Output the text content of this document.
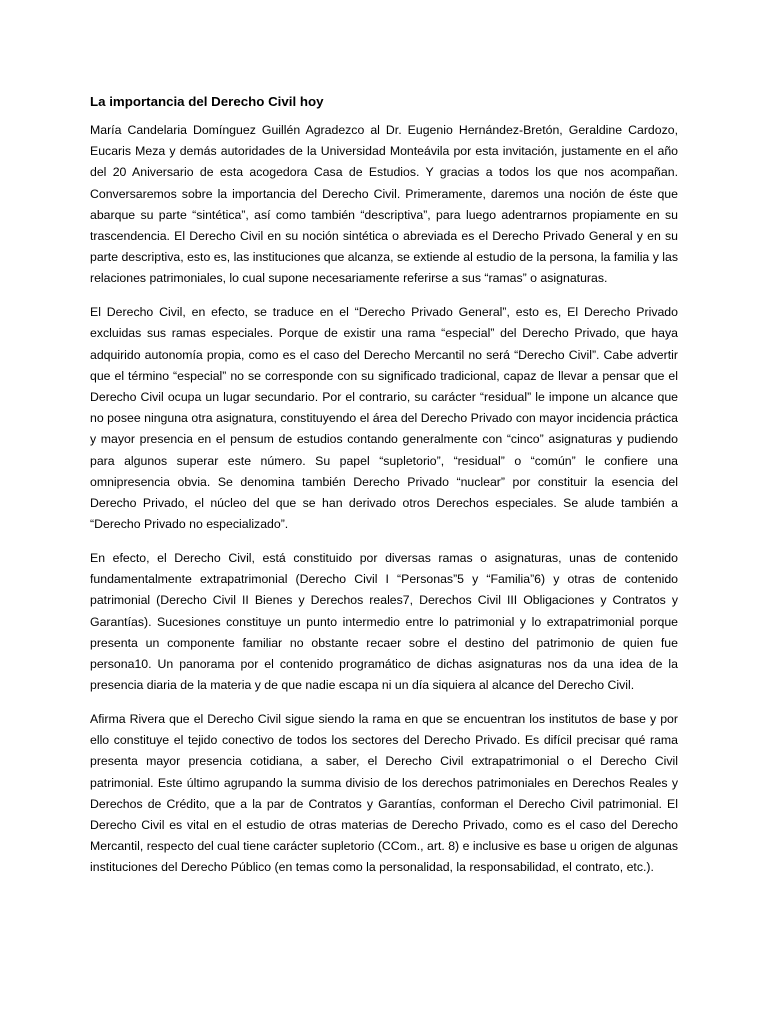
La importancia del Derecho Civil hoy

María Candelaria Domínguez Guillén Agradezco al Dr. Eugenio Hernández-Bretón, Geraldine Cardozo, Eucaris Meza y demás autoridades de la Universidad Monteávila por esta invitación, justamente en el año del 20 Aniversario de esta acogedora Casa de Estudios. Y gracias a todos los que nos acompañan. Conversaremos sobre la importancia del Derecho Civil. Primeramente, daremos una noción de éste que abarque su parte “sintética”, así como también “descriptiva”, para luego adentrarnos propiamente en su trascendencia. El Derecho Civil en su noción sintética o abreviada es el Derecho Privado General y en su parte descriptiva, esto es, las instituciones que alcanza, se extiende al estudio de la persona, la familia y las relaciones patrimoniales, lo cual supone necesariamente referirse a sus “ramas” o asignaturas.

El Derecho Civil, en efecto, se traduce en el “Derecho Privado General”, esto es, El Derecho Privado excluidas sus ramas especiales. Porque de existir una rama “especial” del Derecho Privado, que haya adquirido autonomía propia, como es el caso del Derecho Mercantil no será “Derecho Civil”. Cabe advertir que el término “especial” no se corresponde con su significado tradicional, capaz de llevar a pensar que el Derecho Civil ocupa un lugar secundario. Por el contrario, su carácter “residual” le impone un alcance que no posee ninguna otra asignatura, constituyendo el área del Derecho Privado con mayor incidencia práctica y mayor presencia en el pensum de estudios contando generalmente con “cinco” asignaturas y pudiendo para algunos superar este número. Su papel “supletorio”, “residual” o “común” le confiere una omnipresencia obvia. Se denomina también Derecho Privado “nuclear” por constituir la esencia del Derecho Privado, el núcleo del que se han derivado otros Derechos especiales. Se alude también a “Derecho Privado no especializado”.

En efecto, el Derecho Civil, está constituido por diversas ramas o asignaturas, unas de contenido fundamentalmente extrapatrimonial (Derecho Civil I “Personas”5 y “Familia”6) y otras de contenido patrimonial (Derecho Civil II Bienes y Derechos reales7, Derechos Civil III Obligaciones y Contratos y Garantías). Sucesiones constituye un punto intermedio entre lo patrimonial y lo extrapatrimonial porque presenta un componente familiar no obstante recaer sobre el destino del patrimonio de quien fue persona10. Un panorama por el contenido programático de dichas asignaturas nos da una idea de la presencia diaria de la materia y de que nadie escapa ni un día siquiera al alcance del Derecho Civil.

Afirma Rivera que el Derecho Civil sigue siendo la rama en que se encuentran los institutos de base y por ello constituye el tejido conectivo de todos los sectores del Derecho Privado. Es difícil precisar qué rama presenta mayor presencia cotidiana, a saber, el Derecho Civil extrapatrimonial o el Derecho Civil patrimonial. Este último agrupando la summa divisio de los derechos patrimoniales en Derechos Reales y Derechos de Crédito, que a la par de Contratos y Garantías, conforman el Derecho Civil patrimonial. El Derecho Civil es vital en el estudio de otras materias de Derecho Privado, como es el caso del Derecho Mercantil, respecto del cual tiene carácter supletorio (CCom., art. 8) e inclusive es base u origen de algunas instituciones del Derecho Público (en temas como la personalidad, la responsabilidad, el contrato, etc.).
